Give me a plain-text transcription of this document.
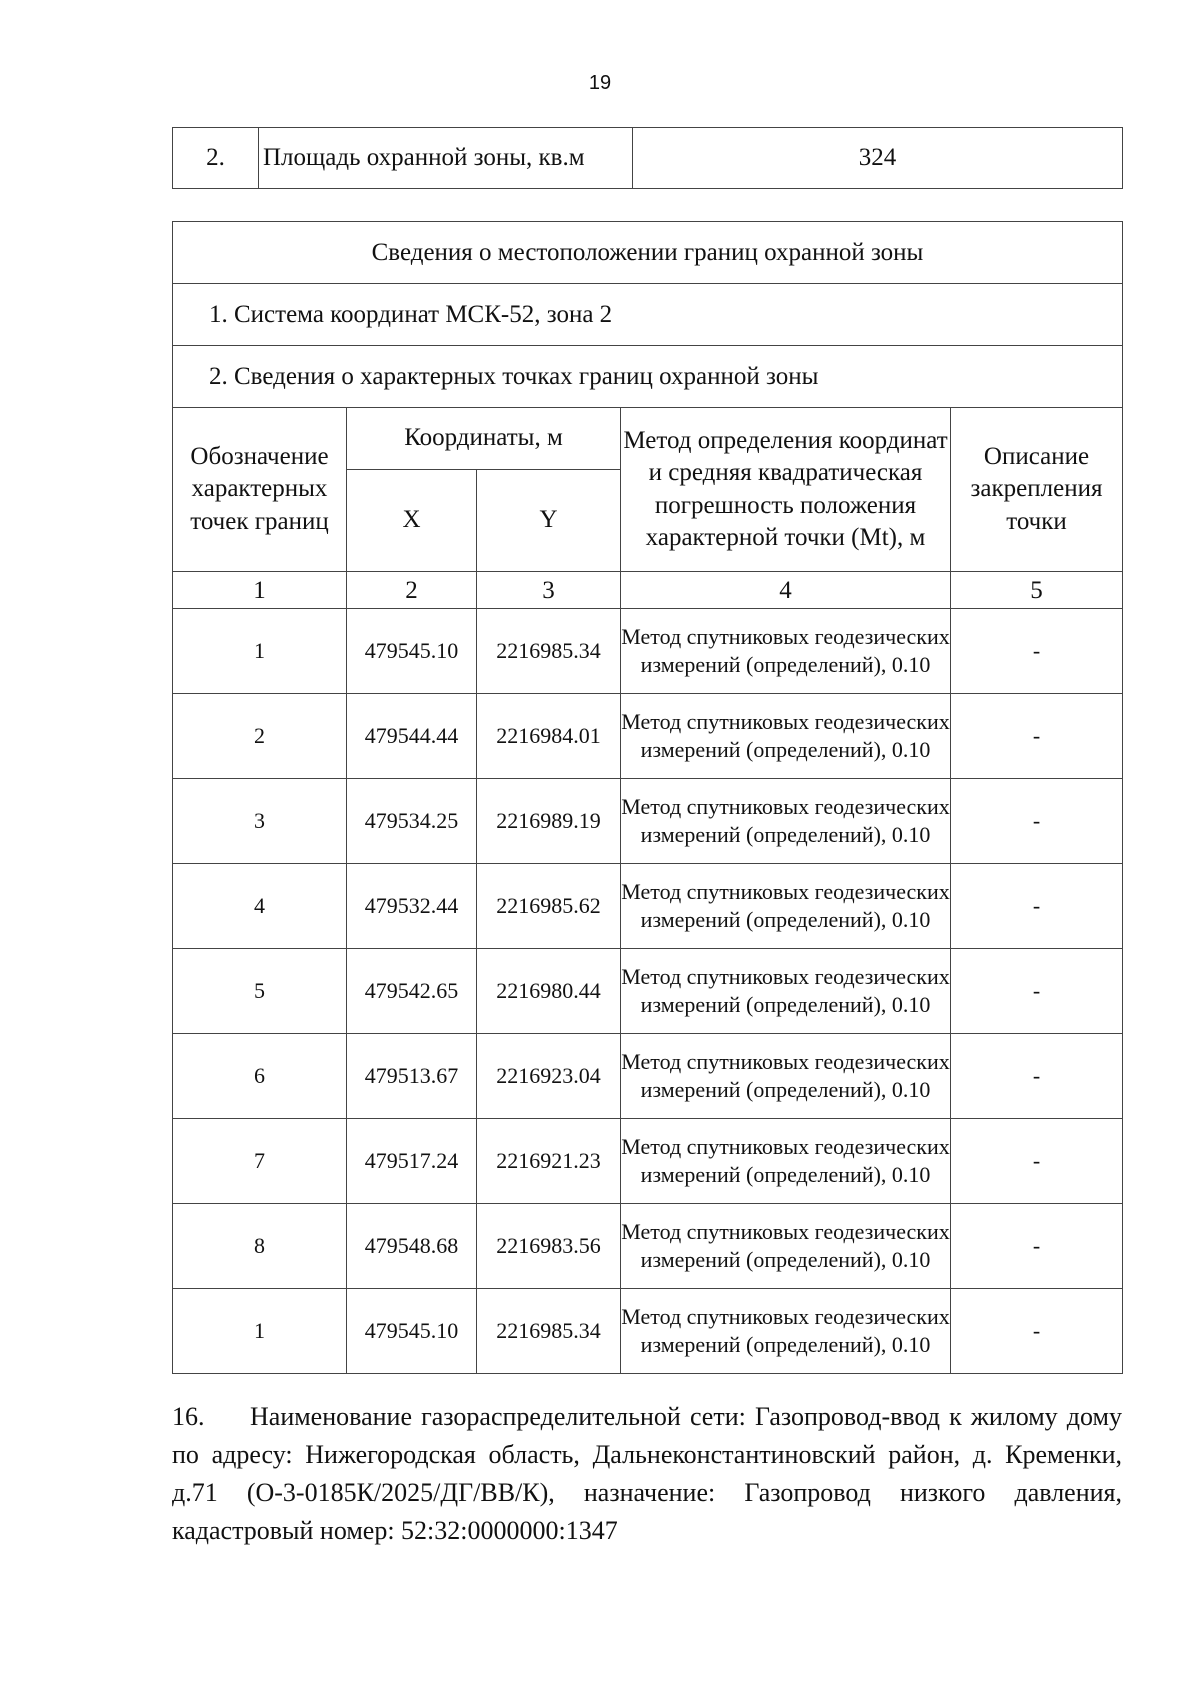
19
2.	Площадь охранной зоны, кв.м	324
Сведения о местоположении границ охранной зоны				
1. Система координат МСК-52, зона 2				
2. Сведения о характерных точках границ охранной зоны				
Обозначение характерных точек границ	Координаты, м		Метод определения координат и средняя квадратическая погрешность положения характерной точки (Mt), м	Описание закрепления точки
	X	Y		
1	2	3	4	5
1	479545.10	2216985.34	Метод спутниковых геодезических измерений (определений), 0.10	-
2	479544.44	2216984.01	Метод спутниковых геодезических измерений (определений), 0.10	-
3	479534.25	2216989.19	Метод спутниковых геодезических измерений (определений), 0.10	-
4	479532.44	2216985.62	Метод спутниковых геодезических измерений (определений), 0.10	-
5	479542.65	2216980.44	Метод спутниковых геодезических измерений (определений), 0.10	-
6	479513.67	2216923.04	Метод спутниковых геодезических измерений (определений), 0.10	-
7	479517.24	2216921.23	Метод спутниковых геодезических измерений (определений), 0.10	-
8	479548.68	2216983.56	Метод спутниковых геодезических измерений (определений), 0.10	-
1	479545.10	2216985.34	Метод спутниковых геодезических измерений (определений), 0.10	-
16. Наименование газораспределительной сети: Газопровод-ввод к жилому дому по адресу: Нижегородская область, Дальнеконстантиновский район, д. Кременки, д.71 (О-3-0185К/2025/ДГ/ВВ/К), назначение: Газопровод низкого давления, кадастровый номер: 52:32:0000000:1347
